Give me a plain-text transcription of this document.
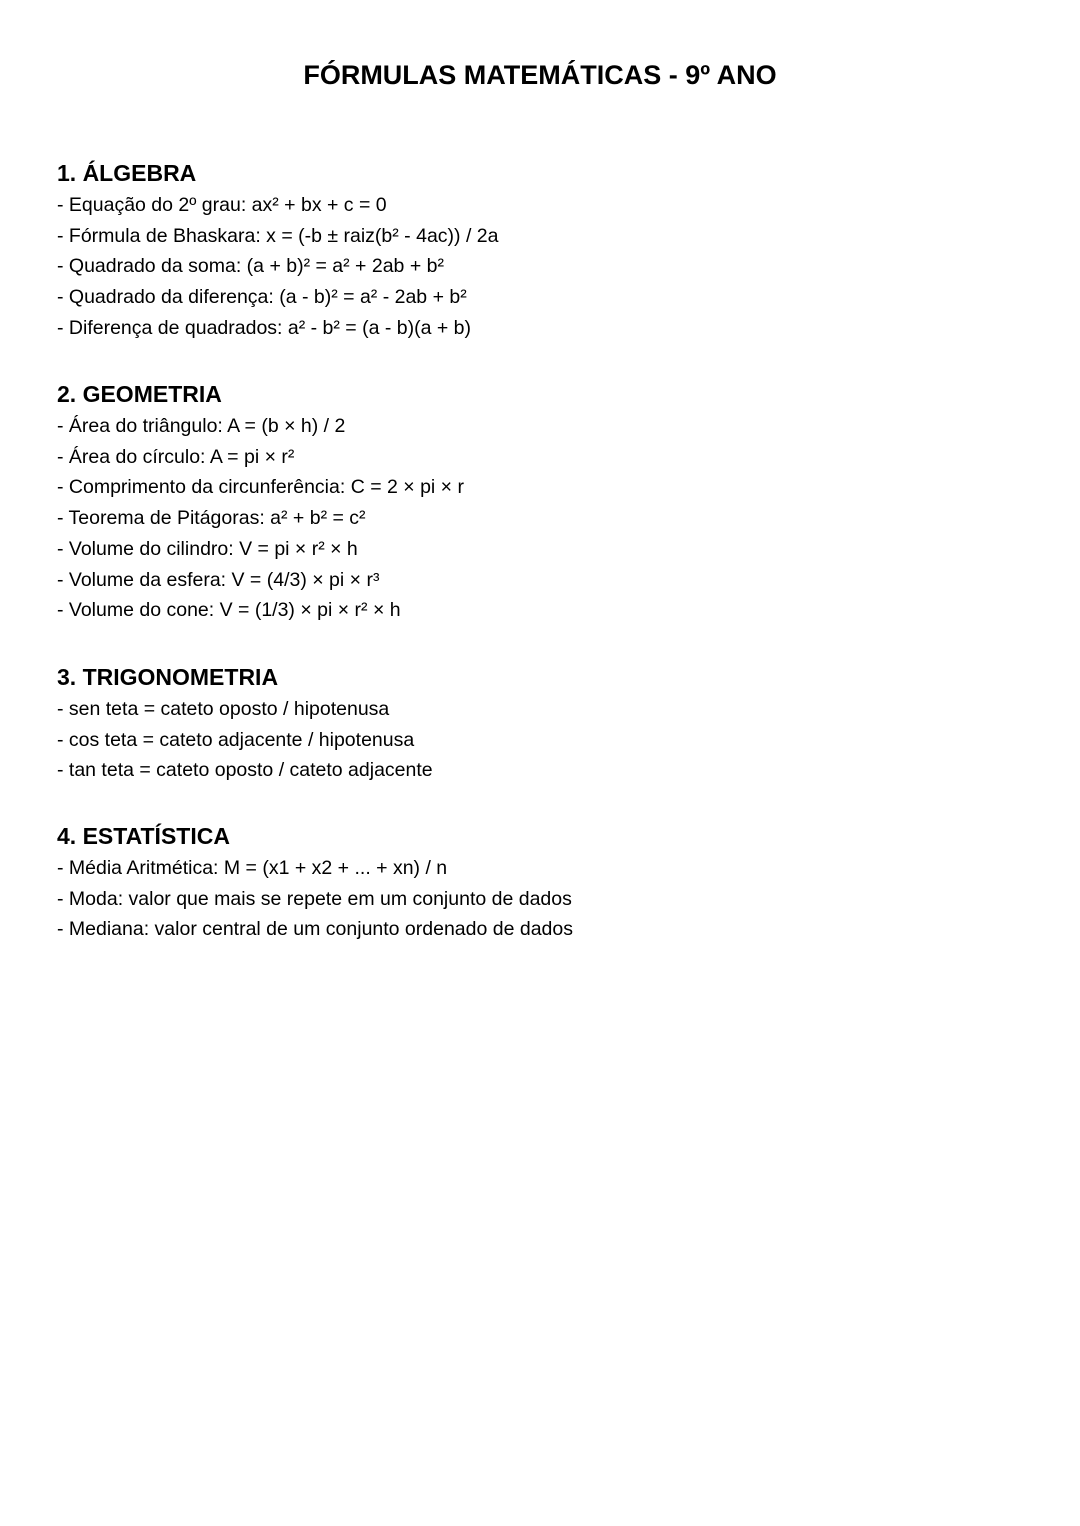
FÓRMULAS MATEMÁTICAS - 9º ANO
1. ÁLGEBRA
- Equação do 2º grau: ax² + bx + c = 0
- Fórmula de Bhaskara: x = (-b ± raiz(b² - 4ac)) / 2a
- Quadrado da soma: (a + b)² = a² + 2ab + b²
- Quadrado da diferença: (a - b)² = a² - 2ab + b²
- Diferença de quadrados: a² - b² = (a - b)(a + b)
2. GEOMETRIA
- Área do triângulo: A = (b × h) / 2
- Área do círculo: A = pi × r²
- Comprimento da circunferência: C = 2 × pi × r
- Teorema de Pitágoras: a² + b² = c²
- Volume do cilindro: V = pi × r² × h
- Volume da esfera: V = (4/3) × pi × r³
- Volume do cone: V = (1/3) × pi × r² × h
3. TRIGONOMETRIA
- sen teta = cateto oposto / hipotenusa
- cos teta = cateto adjacente / hipotenusa
- tan teta = cateto oposto / cateto adjacente
4. ESTATÍSTICA
- Média Aritmética: M = (x1 + x2 + ... + xn) / n
- Moda: valor que mais se repete em um conjunto de dados
- Mediana: valor central de um conjunto ordenado de dados
